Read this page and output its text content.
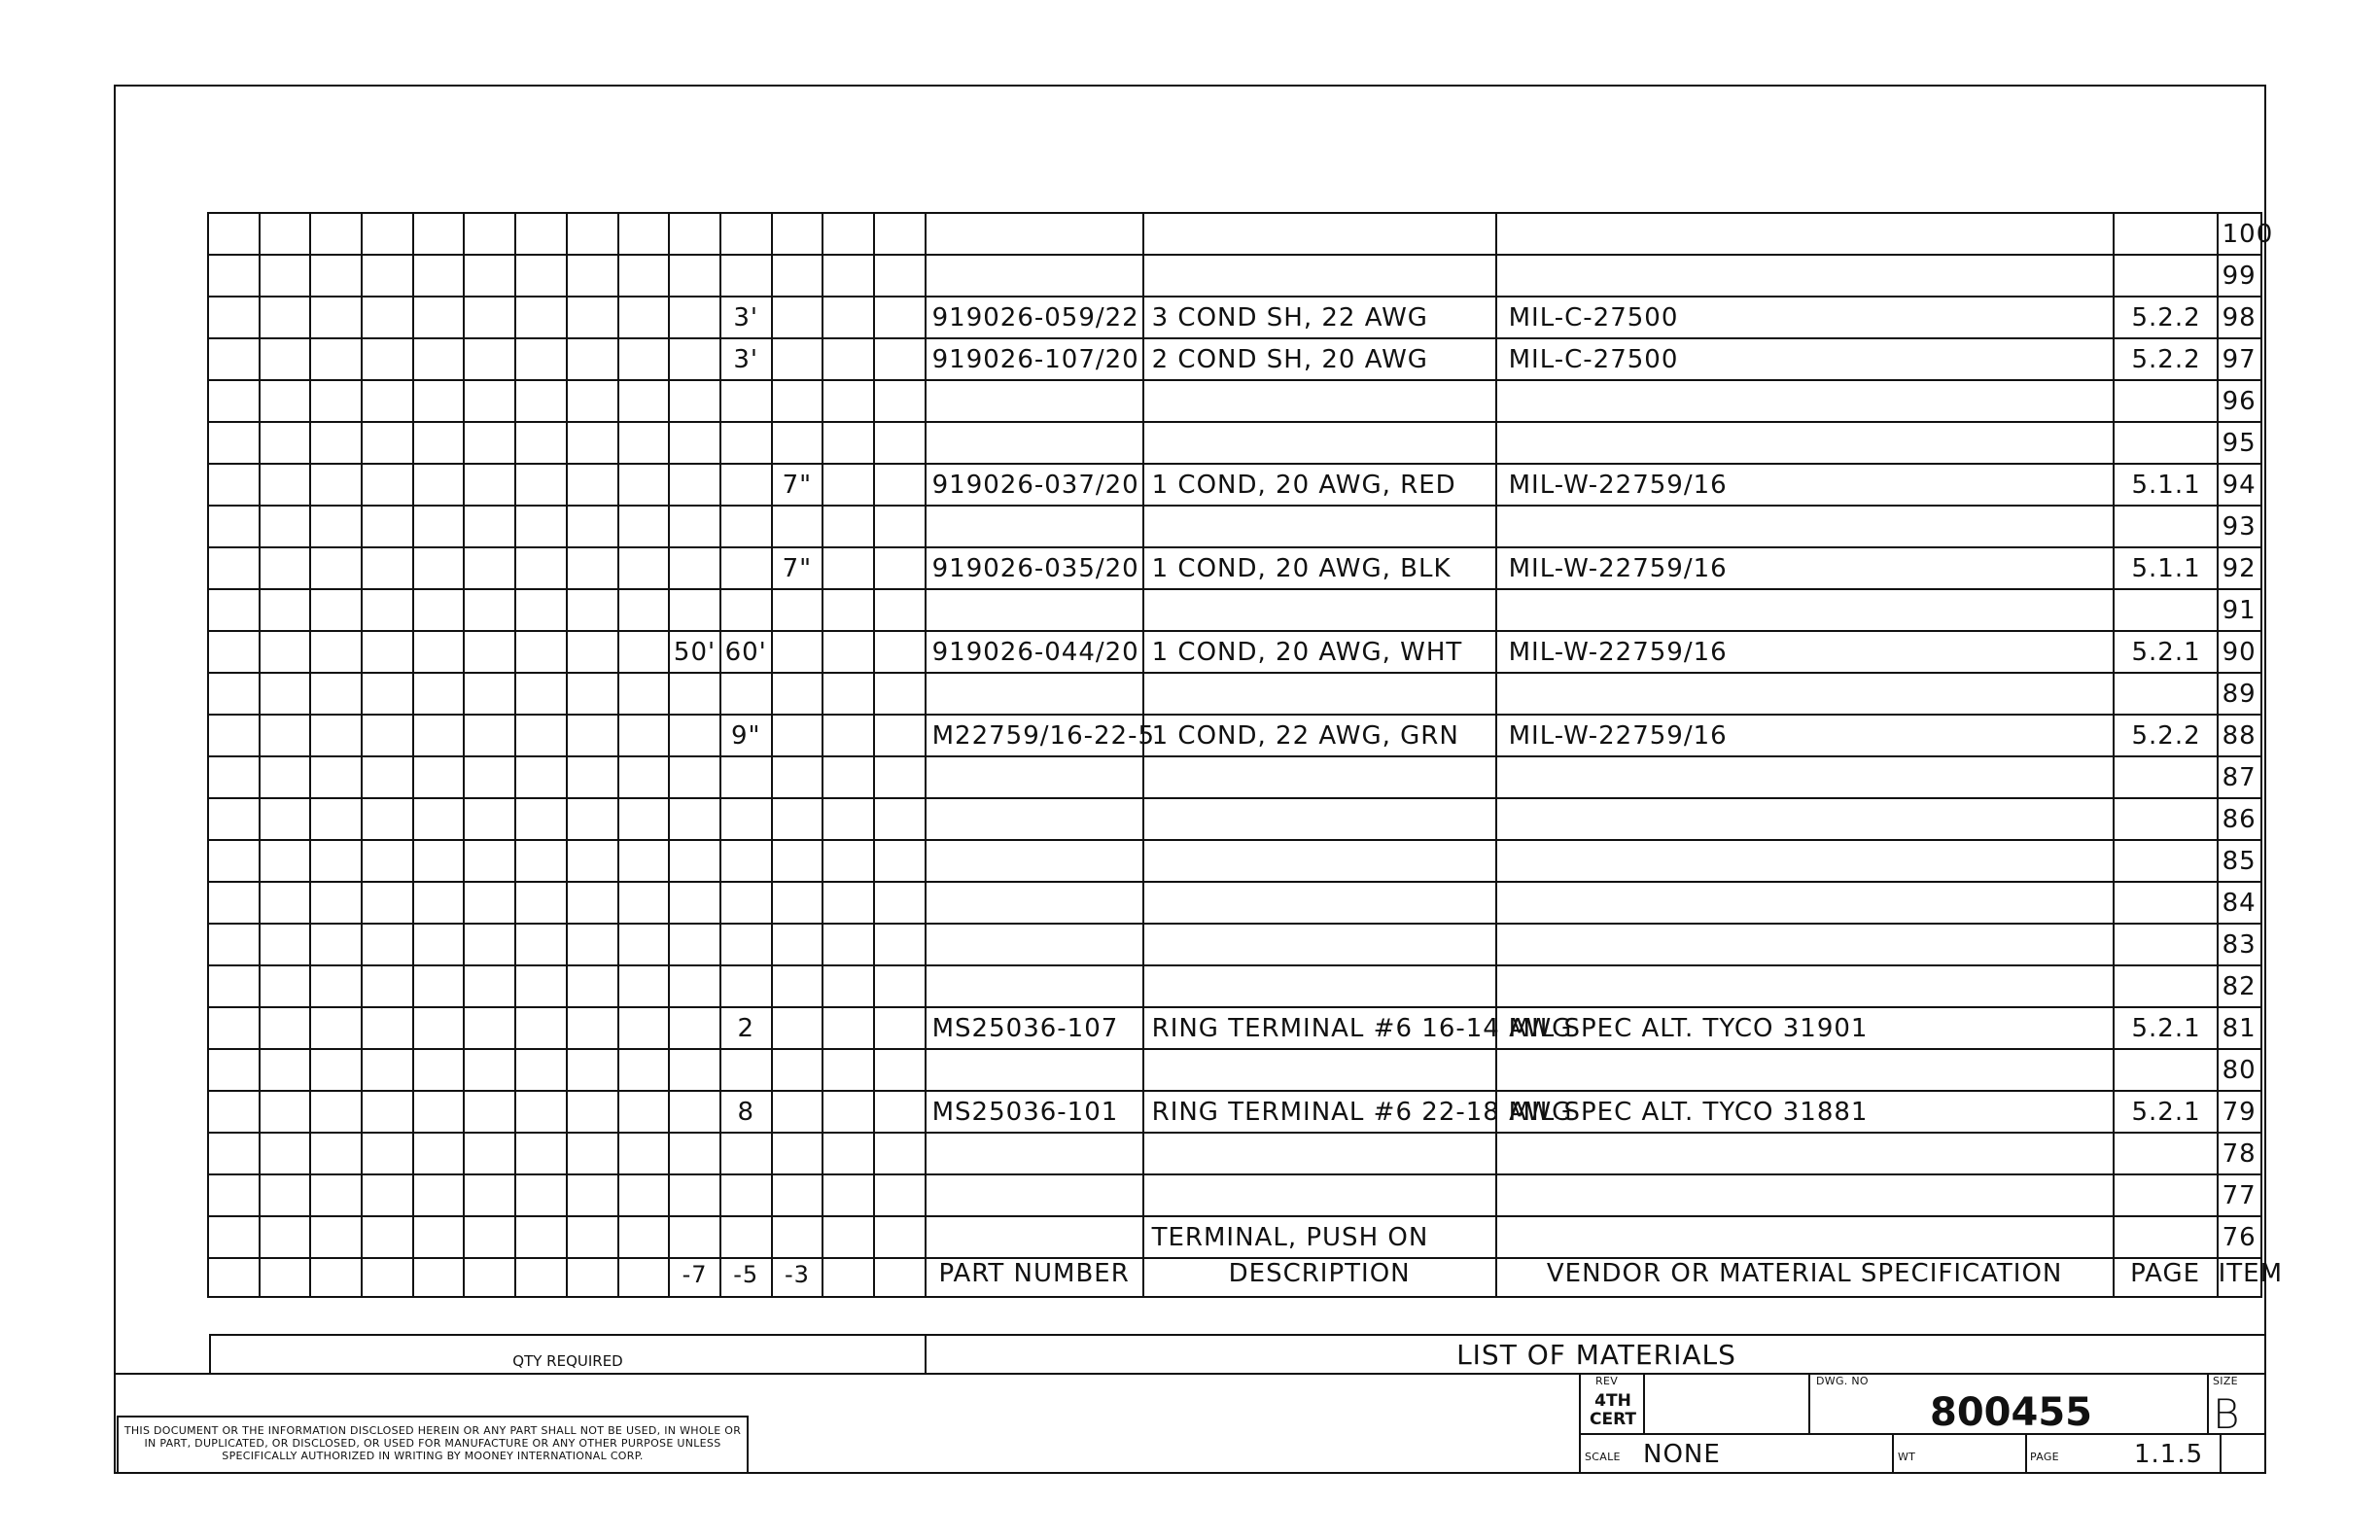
																		100
																		99
										3'				919026-059/22	3 COND SH, 22 AWG	MIL-C-27500	5.2.2	98
										3'				919026-107/20	2 COND SH, 20 AWG	MIL-C-27500	5.2.2	97
																		96
																		95
											7"			919026-037/20	1 COND, 20 AWG, RED	MIL-W-22759/16	5.1.1	94
																		93
											7"			919026-035/20	1 COND, 20 AWG, BLK	MIL-W-22759/16	5.1.1	92
																		91
									50'	60'				919026-044/20	1 COND, 20 AWG, WHT	MIL-W-22759/16	5.2.1	90
																		89
										9"				M22759/16-22-5	1 COND, 22 AWG, GRN	MIL-W-22759/16	5.2.2	88
																		87
																		86
																		85
																		84
																		83
																		82
										2				MS25036-107	RING TERMINAL #6 16-14 AWG	MIL SPEC ALT. TYCO 31901	5.2.1	81
																		80
										8				MS25036-101	RING TERMINAL #6 22-18 AWG	MIL SPEC ALT. TYCO 31881	5.2.1	79
																		78
																		77
															TERMINAL, PUSH ON			76
									-7	-5	-3			PART NUMBER	DESCRIPTION	VENDOR OR MATERIAL SPECIFICATION	PAGE	ITEM
QTY REQUIRED	LIST OF MATERIALS
THIS DOCUMENT OR THE INFORMATION DISCLOSED HEREIN OR ANY PART SHALL NOT BE USED, IN WHOLE OR IN PART, DUPLICATED, OR DISCLOSED, OR USED FOR MANUFACTURE OR ANY OTHER PURPOSE UNLESS SPECIFICALLY AUTHORIZED IN WRITING BY MOONEY INTERNATIONAL CORP.
REV
4TH
CERT
DWG. NO
800455
SIZE
B
SCALE NONE	WT	PAGE	1.1.5
